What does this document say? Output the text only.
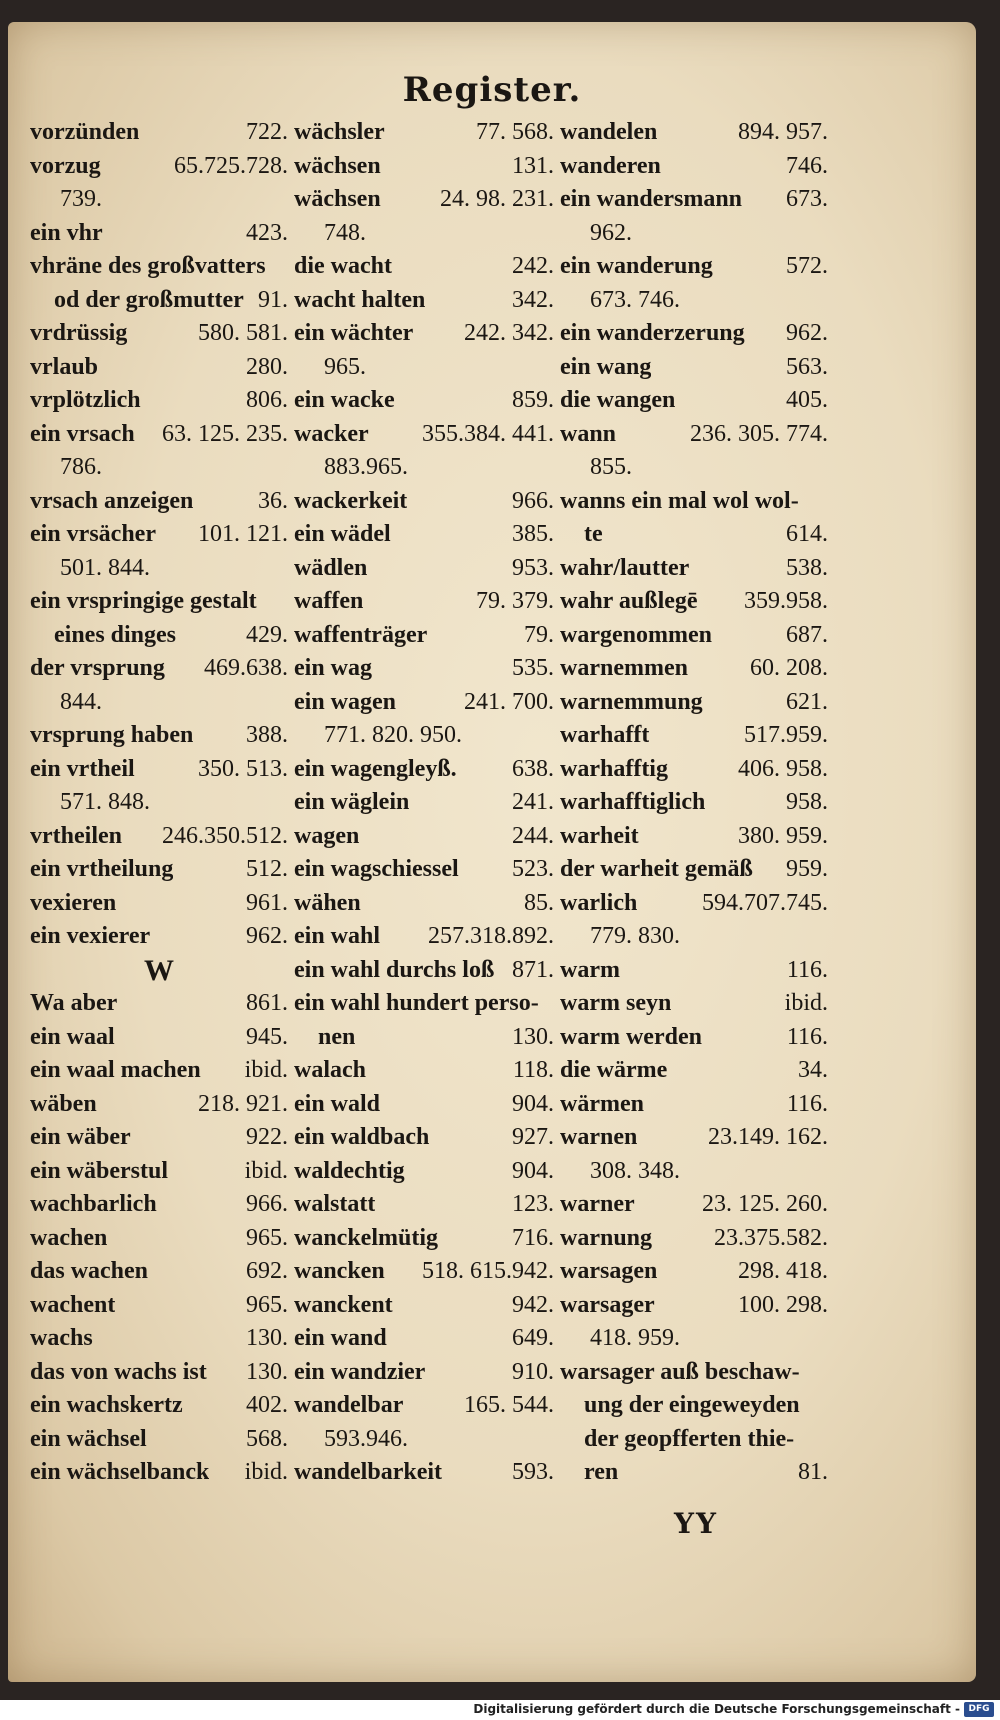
Register.
vorzünden	722.
vorzug	65.725.728.
739.
ein vhr	423.
vhräne des großvatters
od der großmutter 91.
vrdrüssig	580. 581.
vrlaub	280.
vrplötzlich	806.
ein vrsach	63. 125. 235.
786.
vrsach anzeigen	36.
ein vrsächer	101. 121.
501. 844.
ein vrspringige gestalt
eines dinges	429.
der vrsprung	469.638.
844.
vrsprung haben	388.
ein vrtheil	350. 513.
571. 848.
vrtheilen	246.350.512.
ein vrtheilung	512.
vexieren	961.
ein vexierer	962.
W
Wa aber	861.
ein waal	945.
ein waal machen	ibid.
wäben	218. 921.
ein wäber	922.
ein wäberstul	ibid.
wachbarlich	966.
wachen	965.
das wachen	692.
wachent	965.
wachs	130.
das von wachs ist	130.
ein wachskertz	402.
ein wächsel	568.
ein wächselbanck	ibid.
wächsler	77. 568.
wächsen	131.
wächsen	24. 98. 231.
748.
die wacht	242.
wacht halten	342.
ein wächter	242. 342.
965.
ein wacke	859.
wacker	355.384. 441.
883.965.
wackerkeit	966.
ein wädel	385.
wädlen	953.
waffen	79. 379.
waffenträger	79.
ein wag	535.
ein wagen	241. 700.
771. 820. 950.
ein wagengleyß.	638.
ein wäglein	241.
wagen	244.
ein wagschiessel	523.
wähen	85.
ein wahl	257.318.892.
ein wahl durchs loß 871.
ein wahl hundert perso-
nen	130.
walach	118.
ein wald	904.
ein waldbach	927.
waldechtig	904.
walstatt	123.
wanckelmütig	716.
wancken	518. 615.942.
wanckent	942.
ein wand	649.
ein wandzier	910.
wandelbar	165. 544.
593.946.
wandelbarkeit	593.
wandelen	894. 957.
wanderen	746.
ein wandersmann	673.
962.
ein wanderung	572.
673. 746.
ein wanderzerung	962.
ein wang	563.
die wangen	405.
wann	236. 305. 774.
855.
wanns ein mal wol wol-
te	614.
wahr/lautter	538.
wahr außlegē	359.958.
wargenommen	687.
warnemmen	60. 208.
warnemmung	621.
warhafft	517.959.
warhafftig	406. 958.
warhafftiglich	958.
warheit	380. 959.
der warheit gemäß	959.
warlich	594.707.745.
779. 830.
warm	116.
warm seyn	ibid.
warm werden	116.
die wärme	34.
wärmen	116.
warnen	23.149. 162.
308. 348.
warner	23. 125. 260.
warnung	23.375.582.
warsagen	298. 418.
warsager	100. 298.
418. 959.
warsager auß beschaw-
ung der eingeweyden
der geopfferten thie-
ren	81.
YY
Digitalisierung gefördert durch die Deutsche Forschungsgemeinschaft - DFG
